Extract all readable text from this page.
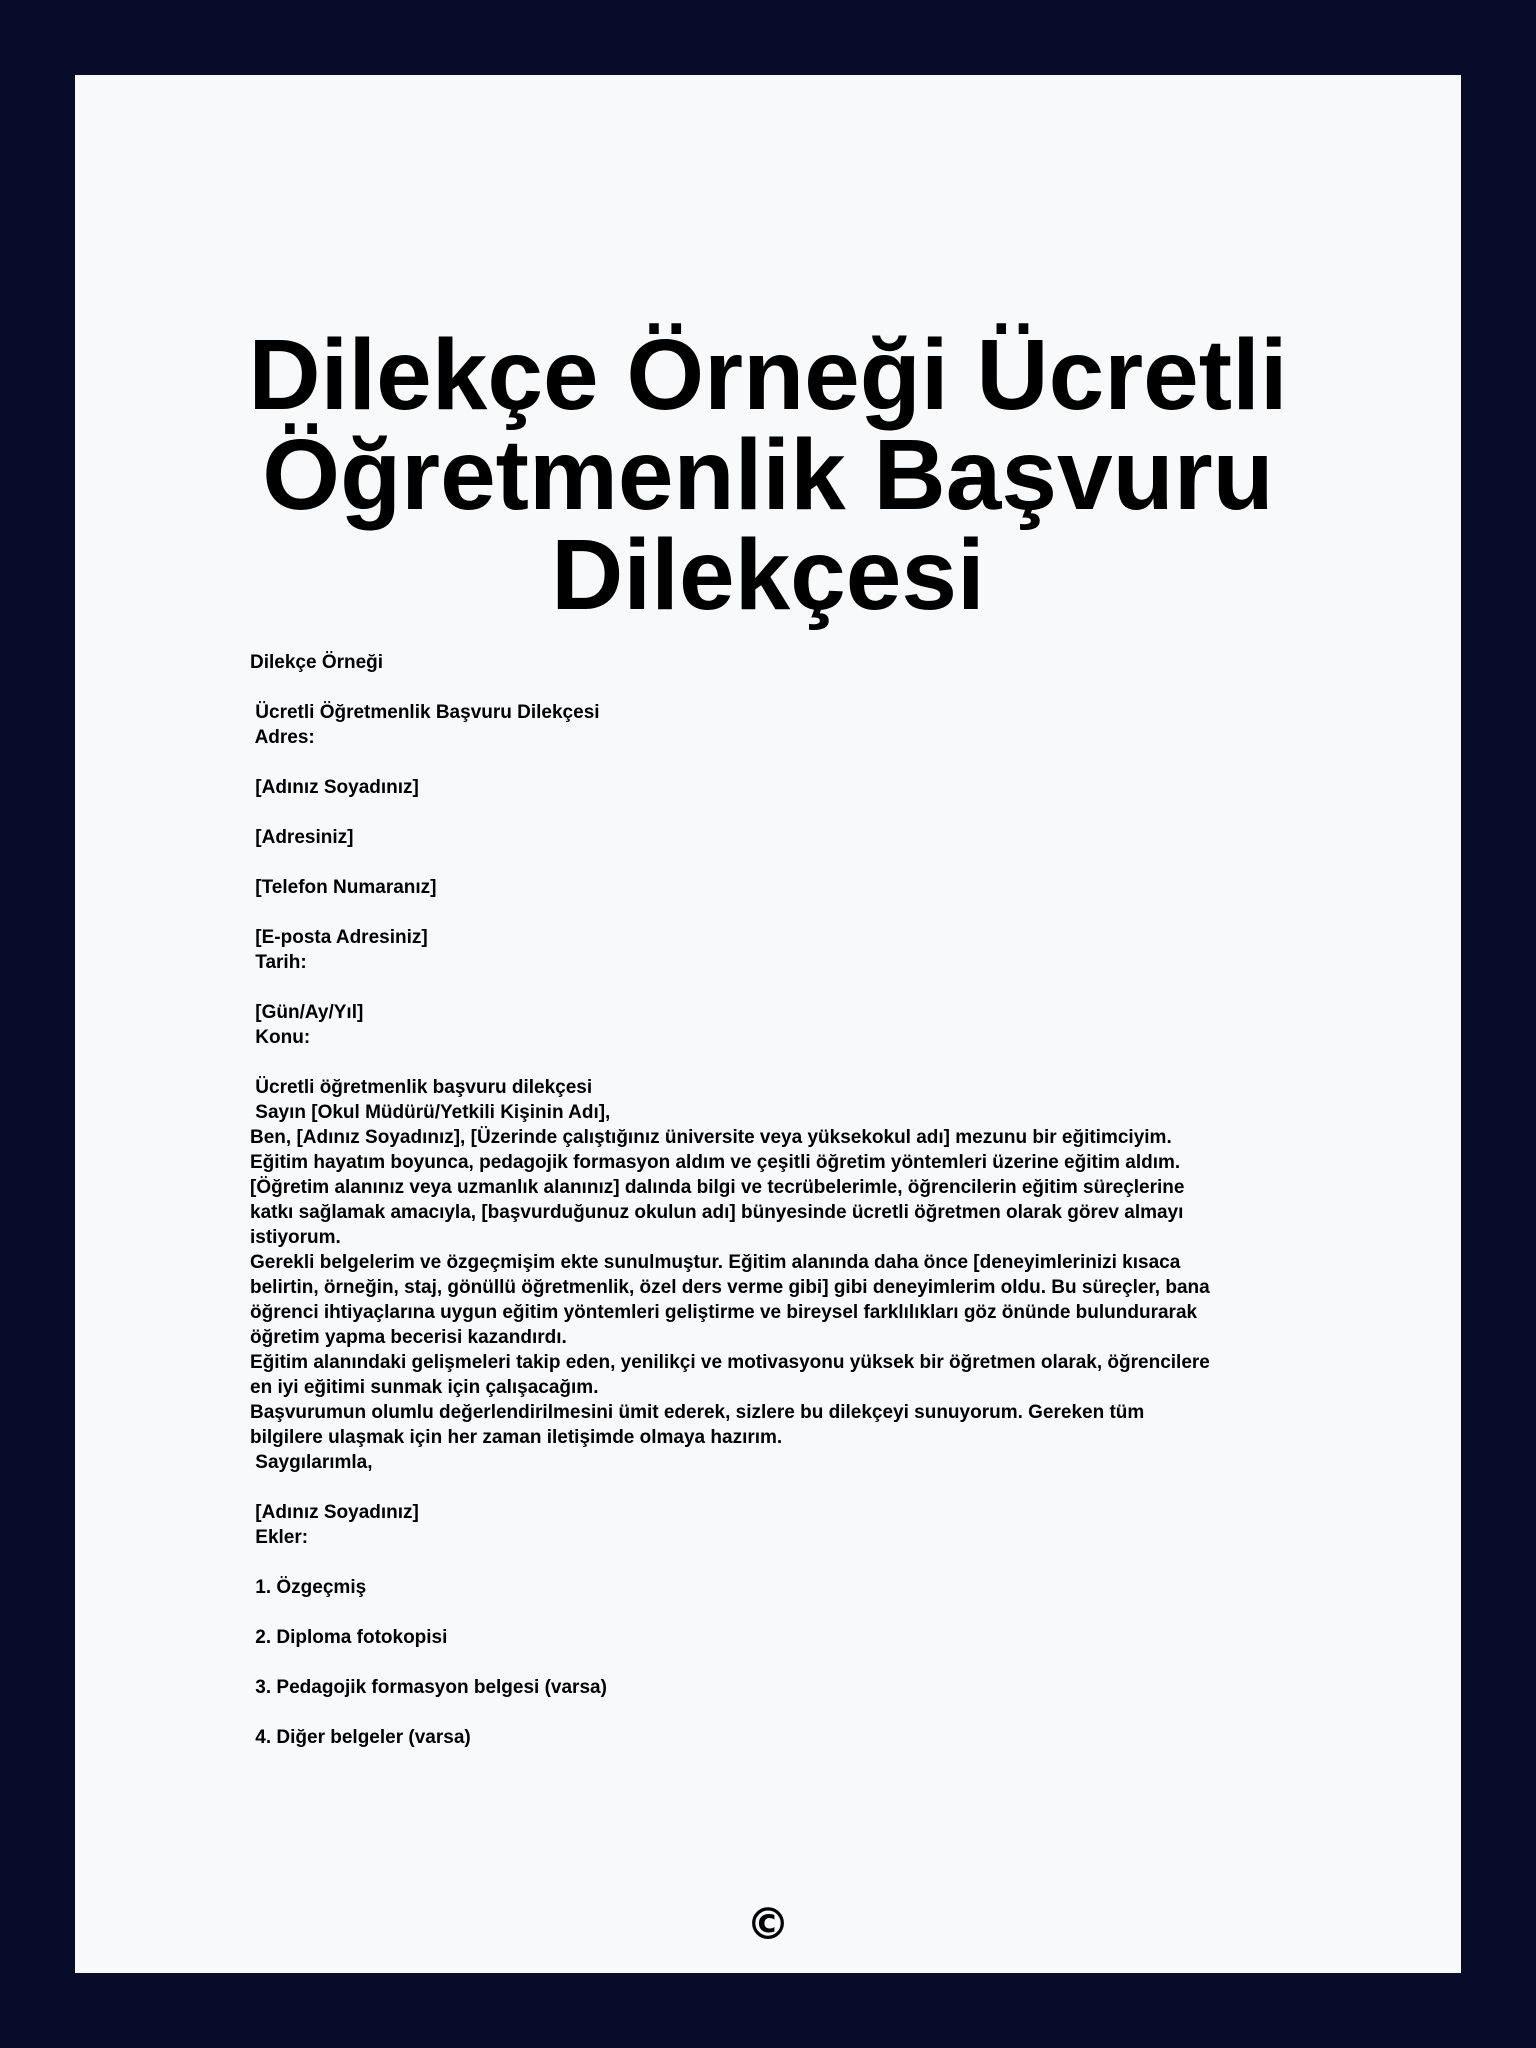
Dilekçe Örneği Ücretli
Öğretmenlik Başvuru
Dilekçesi
Dilekçe Örneği
Ücretli Öğretmenlik Başvuru Dilekçesi
Adres:
[Adınız Soyadınız]
[Adresiniz]
[Telefon Numaranız]
[E-posta Adresiniz]
Tarih:
[Gün/Ay/Yıl]
Konu:
Ücretli öğretmenlik başvuru dilekçesi
Sayın [Okul Müdürü/Yetkili Kişinin Adı],
Ben, [Adınız Soyadınız], [Üzerinde çalıştığınız üniversite veya yüksekokul adı] mezunu bir eğitimciyim.
Eğitim hayatım boyunca, pedagojik formasyon aldım ve çeşitli öğretim yöntemleri üzerine eğitim aldım.
[Öğretim alanınız veya uzmanlık alanınız] dalında bilgi ve tecrübelerimle, öğrencilerin eğitim süreçlerine
katkı sağlamak amacıyla, [başvurduğunuz okulun adı] bünyesinde ücretli öğretmen olarak görev almayı
istiyorum.
Gerekli belgelerim ve özgeçmişim ekte sunulmuştur. Eğitim alanında daha önce [deneyimlerinizi kısaca
belirtin, örneğin, staj, gönüllü öğretmenlik, özel ders verme gibi] gibi deneyimlerim oldu. Bu süreçler, bana
öğrenci ihtiyaçlarına uygun eğitim yöntemleri geliştirme ve bireysel farklılıkları göz önünde bulundurarak
öğretim yapma becerisi kazandırdı.
Eğitim alanındaki gelişmeleri takip eden, yenilikçi ve motivasyonu yüksek bir öğretmen olarak, öğrencilere
en iyi eğitimi sunmak için çalışacağım.
Başvurumun olumlu değerlendirilmesini ümit ederek, sizlere bu dilekçeyi sunuyorum. Gereken tüm
bilgilere ulaşmak için her zaman iletişimde olmaya hazırım.
Saygılarımla,
[Adınız Soyadınız]
Ekler:
1. Özgeçmiş
2. Diploma fotokopisi
3. Pedagojik formasyon belgesi (varsa)
4. Diğer belgeler (varsa)
©
